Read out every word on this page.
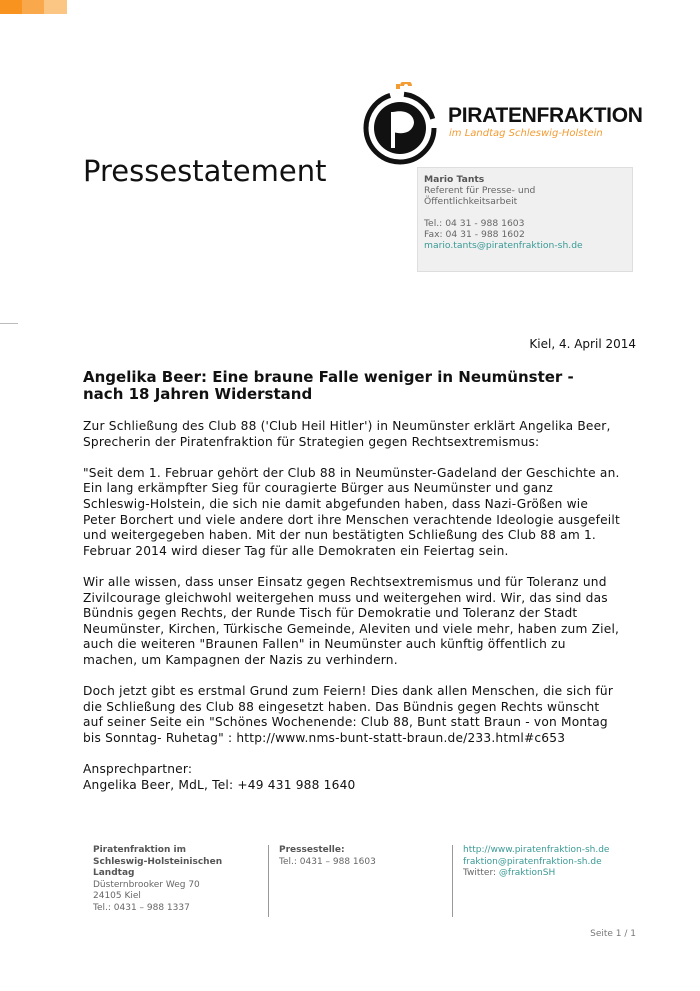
PIRATENFRAKTION
im Landtag Schleswig-Holstein
Pressestatement	Mario Tants
Referent für Presse- und
Öffentlichkeitsarbeit
Tel.: 04 31 - 988 1603
Fax: 04 31 - 988 1602
mario.tants@piratenfraktion-sh.de
Kiel, 4. April 2014
Angelika Beer: Eine braune Falle weniger in Neumünster -
nach 18 Jahren Widerstand

Zur Schließung des Club 88 ('Club Heil Hitler') in Neumünster erklärt Angelika Beer,
Sprecherin der Piratenfraktion für Strategien gegen Rechtsextremismus:

"Seit dem 1. Februar gehört der Club 88 in Neumünster-Gadeland der Geschichte an.
Ein lang erkämpfter Sieg für couragierte Bürger aus Neumünster und ganz
Schleswig-Holstein, die sich nie damit abgefunden haben, dass Nazi-Größen wie
Peter Borchert und viele andere dort ihre Menschen verachtende Ideologie ausgefeilt
und weitergegeben haben. Mit der nun bestätigten Schließung des Club 88 am 1.
Februar 2014 wird dieser Tag für alle Demokraten ein Feiertag sein.

Wir alle wissen, dass unser Einsatz gegen Rechtsextremismus und für Toleranz und
Zivilcourage gleichwohl weitergehen muss und weitergehen wird. Wir, das sind das
Bündnis gegen Rechts, der Runde Tisch für Demokratie und Toleranz der Stadt
Neumünster, Kirchen, Türkische Gemeinde, Aleviten und viele mehr, haben zum Ziel,
auch die weiteren "Braunen Fallen" in Neumünster auch künftig öffentlich zu
machen, um Kampagnen der Nazis zu verhindern.

Doch jetzt gibt es erstmal Grund zum Feiern! Dies dank allen Menschen, die sich für
die Schließung des Club 88 eingesetzt haben. Das Bündnis gegen Rechts wünscht
auf seiner Seite ein "Schönes Wochenende: Club 88, Bunt statt Braun - von Montag
bis Sonntag- Ruhetag" : http://www.nms-bunt-statt-braun.de/233.html#c653

Ansprechpartner:
Angelika Beer, MdL, Tel: +49 431 988 1640

Piratenfraktion im
Schleswig-Holsteinischen
Landtag
Düsternbrooker Weg 70
24105 Kiel
Tel.: 0431 – 988 1337
Pressestelle:
Tel.: 0431 – 988 1603
http://www.piratenfraktion-sh.de
fraktion@piratenfraktion-sh.de
Twitter: @fraktionSH
Seite 1 / 1
